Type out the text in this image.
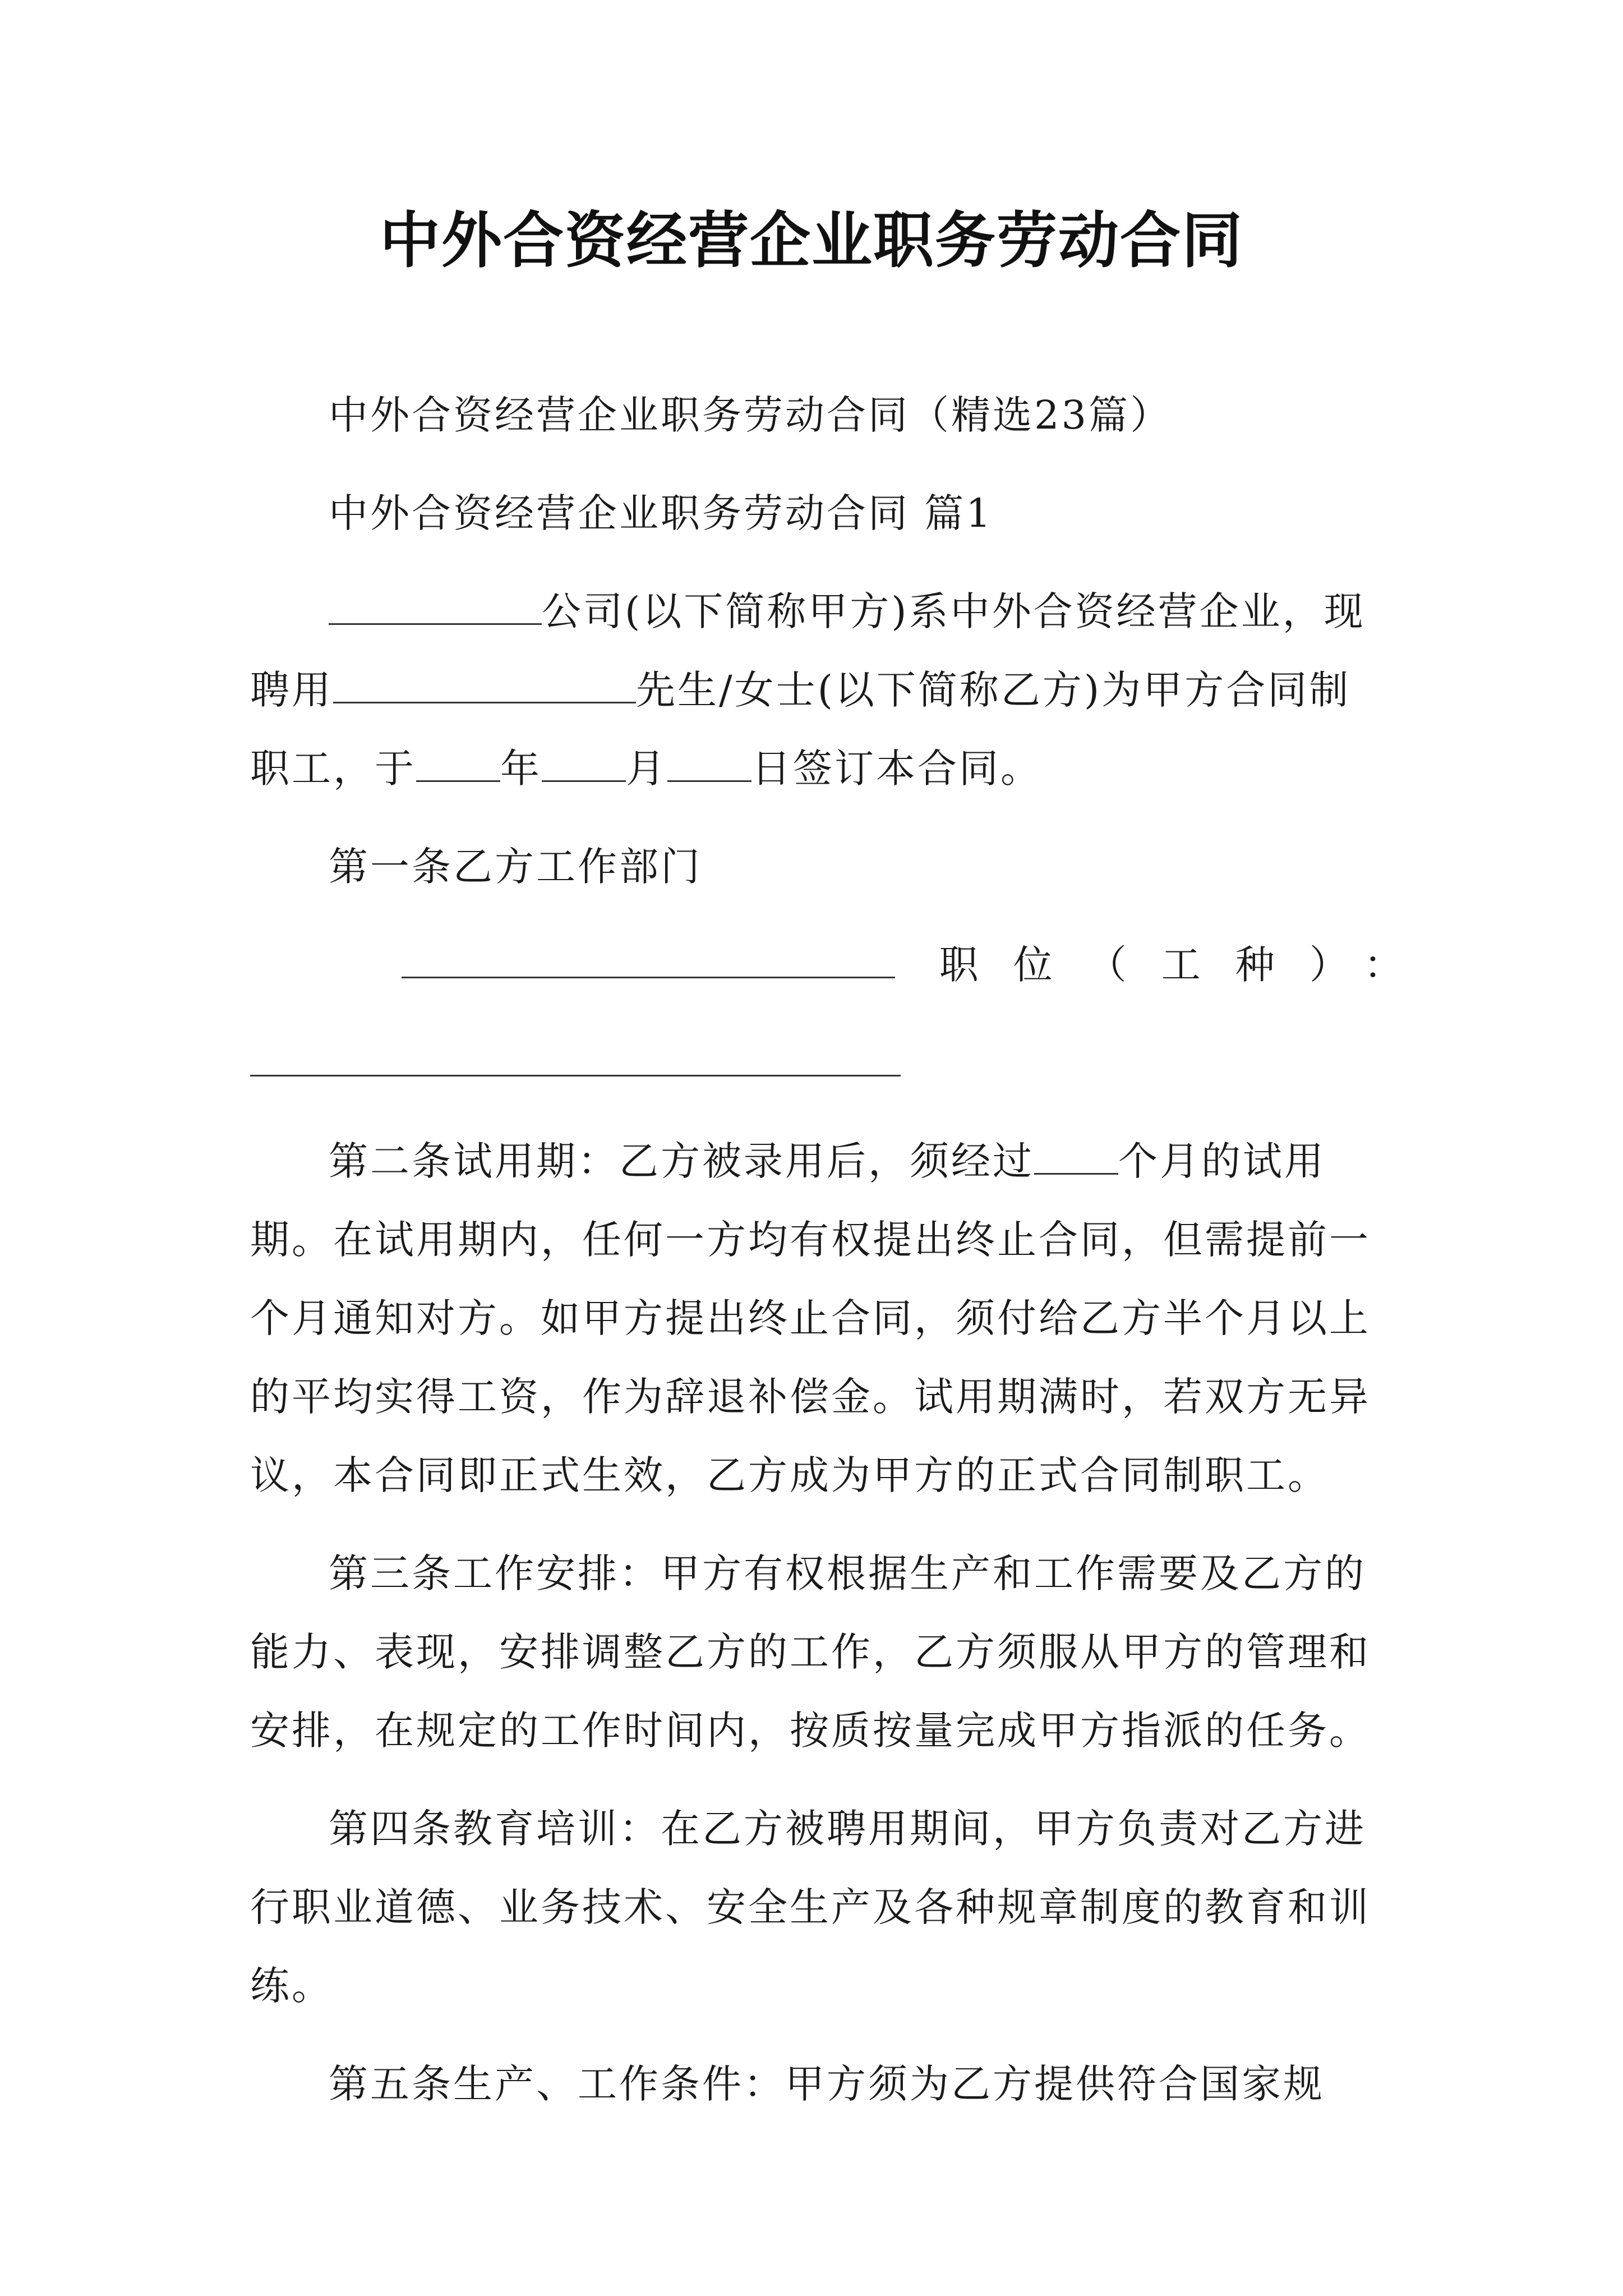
中外合资经营企业职务劳动合同

中外合资经营企业职务劳动合同（精选23篇）

中外合资经营企业职务劳动合同 篇1

公司(以下简称甲方)系中外合资经营企业，现聘用	先生/女士(以下简称乙方)为甲方合同制职工，于 年 月 日签订本合同。

第一条乙方工作部门

职位（工种）：

第二条试用期：乙方被录用后，须经过 个月的试用期。在试用期内，任何一方均有权提出终止合同，但需提前一个月通知对方。如甲方提出终止合同，须付给乙方半个月以上的平均实得工资，作为辞退补偿金。试用期满时，若双方无异议，本合同即正式生效，乙方成为甲方的正式合同制职工。

第三条工作安排：甲方有权根据生产和工作需要及乙方的能力、表现，安排调整乙方的工作，乙方须服从甲方的管理和安排，在规定的工作时间内，按质按量完成甲方指派的任务。

第四条教育培训：在乙方被聘用期间，甲方负责对乙方进行职业道德、业务技术、安全生产及各种规章制度的教育和训练。

第五条生产、工作条件：甲方须为乙方提供符合国家规
